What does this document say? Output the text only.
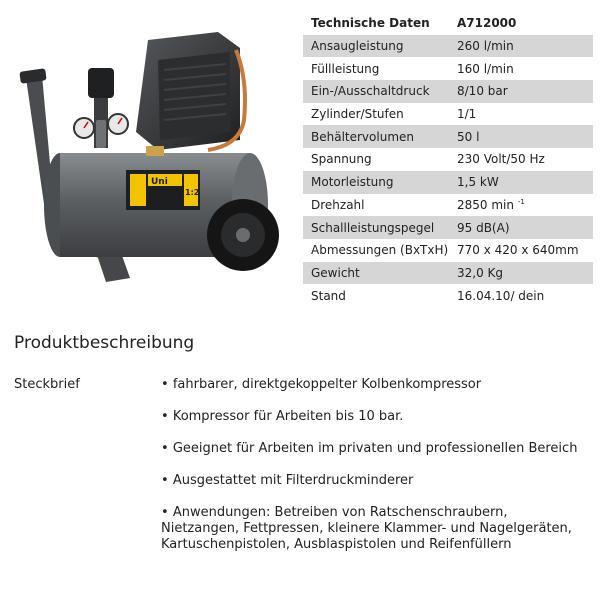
Uni
1:2
Technische Daten	A712000
Ansaugleistung	260 l/min
Füllleistung	160 l/min
Ein-/Ausschaltdruck	8/10 bar
Zylinder/Stufen	1/1
Behältervolumen	50 l
Spannung	230 Volt/50 Hz
Motorleistung	1,5 kW
Drehzahl	2850 min $^{-1}$
Schallleistungspegel	95 dB(A)
Abmessungen (BxTxH)	770 x 420 x 640mm
Gewicht	32,0 Kg
Stand	16.04.10/ dein
Produktbeschreibung
Steckbrief	• fahrbarer, direktgekoppelter Kolbenkompressor
• Kompressor für Arbeiten bis 10 bar.
• Geeignet für Arbeiten im privaten und professionellen Bereich
• Ausgestattet mit Filterdruckminderer
• Anwendungen: Betreiben von Ratschenschraubern, Nietzangen, Fettpressen, kleinere Klammer- und Nagelgeräten, Kartuschenpistolen, Ausblaspistolen und Reifenfüllern
